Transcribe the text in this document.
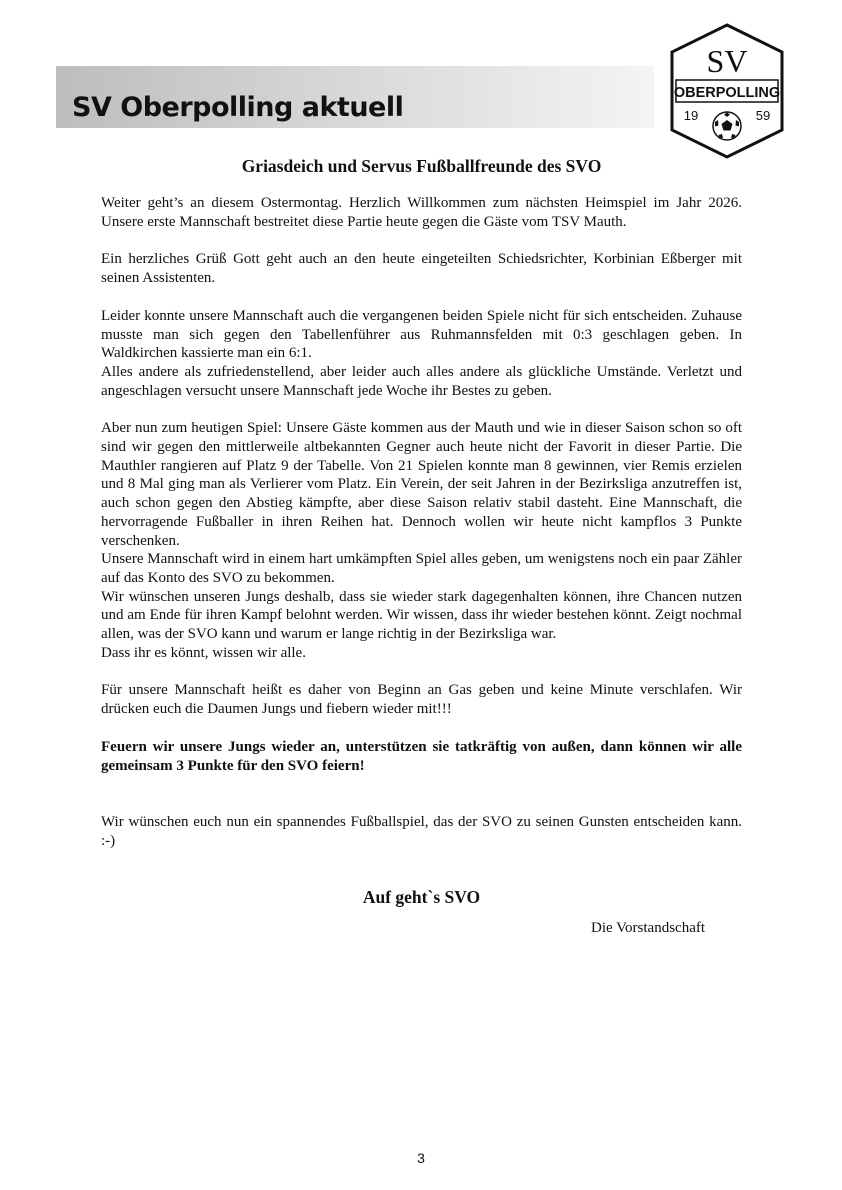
SV Oberpolling aktuell
SV
OBERPOLLING
19	59
Griasdeich und Servus Fußballfreunde des SVO

Weiter geht’s an diesem Ostermontag. Herzlich Willkommen zum nächsten Heimspiel im Jahr 2026. Unsere erste Mannschaft bestreitet diese Partie heute gegen die Gäste vom TSV Mauth.

Ein herzliches Grüß Gott geht auch an den heute eingeteilten Schiedsrichter, Korbinian Eßberger mit seinen Assistenten.

Leider konnte unsere Mannschaft auch die vergangenen beiden Spiele nicht für sich entscheiden. Zuhause musste man sich gegen den Tabellenführer aus Ruhmannsfelden mit 0:3 geschlagen geben. In Waldkirchen kassierte man ein 6:1.
Alles andere als zufriedenstellend, aber leider auch alles andere als glückliche Umstände. Verletzt und angeschlagen versucht unsere Mannschaft jede Woche ihr Bestes zu geben.

Aber nun zum heutigen Spiel: Unsere Gäste kommen aus der Mauth und wie in dieser Saison schon so oft sind wir gegen den mittlerweile altbekannten Gegner auch heute nicht der Favorit in dieser Partie. Die Mauthler rangieren auf Platz 9 der Tabelle. Von 21 Spielen konnte man 8 gewinnen, vier Remis erzielen und 8 Mal ging man als Verlierer vom Platz. Ein Verein, der seit Jahren in der Bezirksliga anzutreffen ist, auch schon gegen den Abstieg kämpfte, aber diese Saison relativ stabil dasteht. Eine Mannschaft, die hervorragende Fußballer in ihren Reihen hat. Dennoch wollen wir heute nicht kampflos 3 Punkte verschenken.
Unsere Mannschaft wird in einem hart umkämpften Spiel alles geben, um wenigstens noch ein paar Zähler auf das Konto des SVO zu bekommen.
Wir wünschen unseren Jungs deshalb, dass sie wieder stark dagegenhalten können, ihre Chancen nutzen und am Ende für ihren Kampf belohnt werden. Wir wissen, dass ihr wieder bestehen könnt. Zeigt nochmal allen, was der SVO kann und warum er lange richtig in der Bezirksliga war.
Dass ihr es könnt, wissen wir alle.

Für unsere Mannschaft heißt es daher von Beginn an Gas geben und keine Minute verschlafen. Wir drücken euch die Daumen Jungs und fiebern wieder mit!!!

Feuern wir unsere Jungs wieder an, unterstützen sie tatkräftig von außen, dann können wir alle gemeinsam 3 Punkte für den SVO feiern!

Wir wünschen euch nun ein spannendes Fußballspiel, das der SVO zu seinen Gunsten entscheiden kann. :-)

Auf geht`s SVO

Die Vorstandschaft

3
